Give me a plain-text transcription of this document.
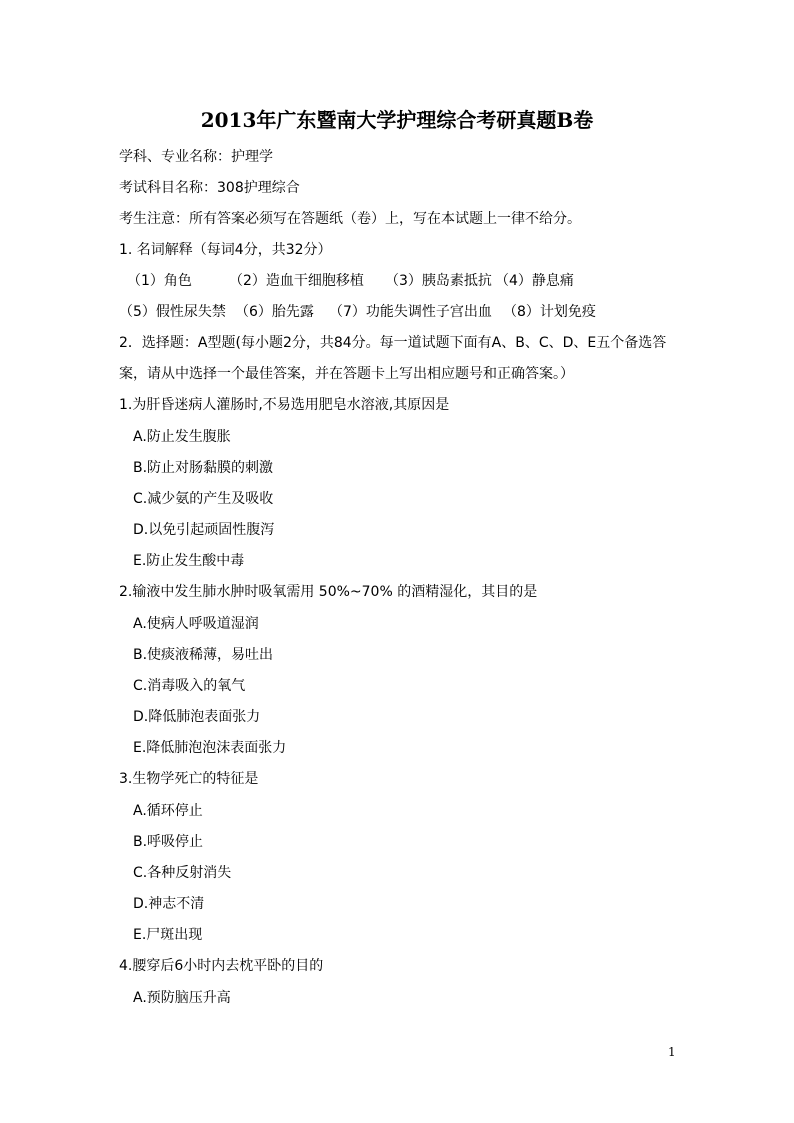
2013年广东暨南大学护理综合考研真题B卷
学科、专业名称：护理学
考试科目名称：308护理综合
考生注意：所有答案必须写在答题纸（卷）上，写在本试题上一律不给分。
1. 名词解释（每词4分，共32分）
（1）角色	（2）造血干细胞移植 （3）胰岛素抵抗 （4）静息痛
（5）假性尿失禁 （6）胎先露 （7）功能失调性子宫出血 （8）计划免疫
2．选择题：A型题(每小题2分，共84分。每一道试题下面有A、B、C、D、E五个备选答
案，请从中选择一个最佳答案，并在答题卡上写出相应题号和正确答案。）
1.为肝昏迷病人灌肠时,不易选用肥皂水溶液,其原因是
A.防止发生腹胀
B.防止对肠黏膜的刺激
C.减少氨的产生及吸收
D.以免引起顽固性腹泻
E.防止发生酸中毒
2.输液中发生肺水肿时吸氧需用 50%~70% 的酒精湿化，其目的是
A.使病人呼吸道湿润
B.使痰液稀薄，易吐出
C.消毒吸入的氧气
D.降低肺泡表面张力
E.降低肺泡泡沫表面张力
3.生物学死亡的特征是
A.循环停止
B.呼吸停止
C.各种反射消失
D.神志不清
E.尸斑出现
4.腰穿后6小时内去枕平卧的目的
A.预防脑压升高
1
